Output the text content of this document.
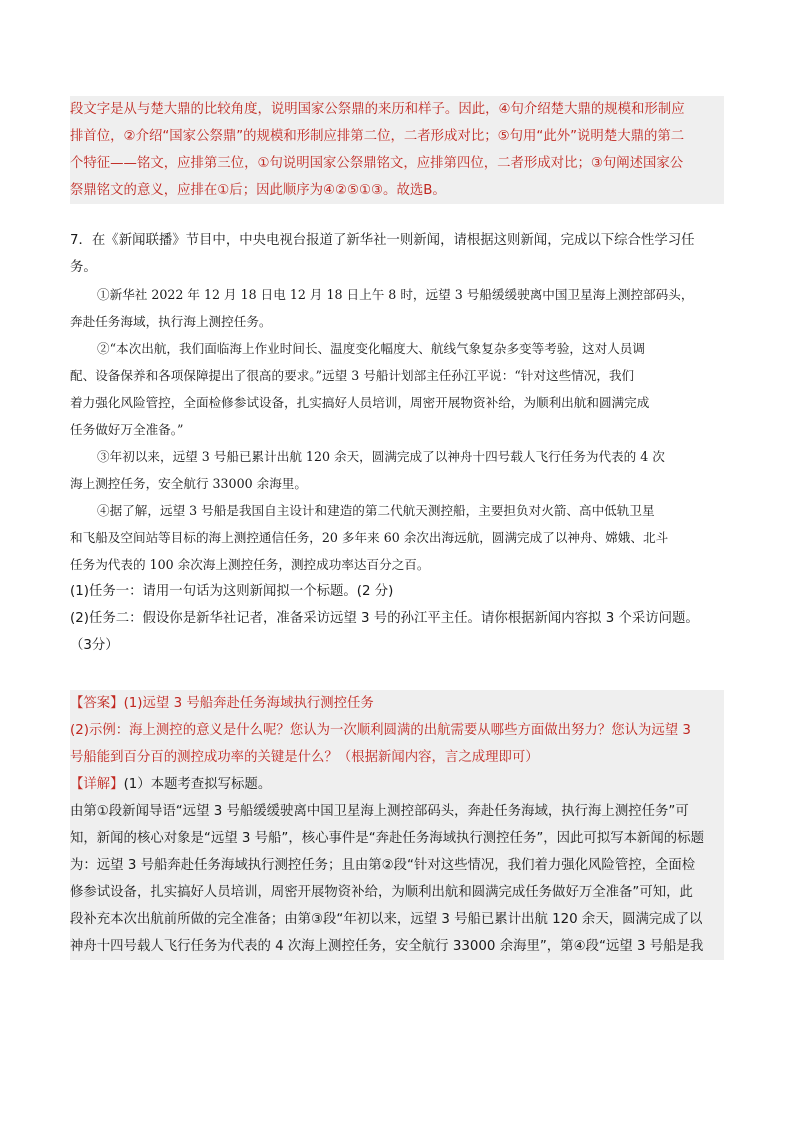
段文字是从与楚大鼎的比较角度，说明国家公祭鼎的来历和样子。因此，④句介绍楚大鼎的规模和形制应

排首位，②介绍“国家公祭鼎”的规模和形制应排第二位，二者形成对比；⑤句用“此外”说明楚大鼎的第二

个特征——铭文，应排第三位，①句说明国家公祭鼎铭文，应排第四位，二者形成对比；③句阐述国家公

祭鼎铭文的意义，应排在①后；因此顺序为④②⑤①③。故选B。

7．在《新闻联播》节目中，中央电视台报道了新华社一则新闻，请根据这则新闻，完成以下综合性学习任

务。

①新华社 2022 年 12 月 18 日电 12 月 18 日上午 8 时，远望 3 号船缓缓驶离中国卫星海上测控部码头，

奔赴任务海域，执行海上测控任务。

②“本次出航，我们面临海上作业时间长、温度变化幅度大、航线气象复杂多变等考验，这对人员调

配、设备保养和各项保障提出了很高的要求。”远望 3 号船计划部主任孙江平说：“针对这些情况，我们

着力强化风险管控，全面检修参试设备，扎实搞好人员培训，周密开展物资补给，为顺利出航和圆满完成

任务做好万全准备。”

③年初以来，远望 3 号船已累计出航 120 余天，圆满完成了以神舟十四号载人飞行任务为代表的 4 次

海上测控任务，安全航行 33000 余海里。

④据了解，远望 3 号船是我国自主设计和建造的第二代航天测控船，主要担负对火箭、高中低轨卫星

和飞船及空间站等目标的海上测控通信任务，20 多年来 60 余次出海远航，圆满完成了以神舟、嫦娥、北斗

任务为代表的 100 余次海上测控任务，测控成功率达百分之百。

(1)任务一：请用一句话为这则新闻拟一个标题。(2 分)

(2)任务二：假设你是新华社记者，准备采访远望 3 号的孙江平主任。请你根据新闻内容拟 3 个采访问题。

（3分）

【答案】(1)远望 3 号船奔赴任务海域执行测控任务

(2)示例：海上测控的意义是什么呢？您认为一次顺利圆满的出航需要从哪些方面做出努力？您认为远望 3

号船能到百分百的测控成功率的关键是什么？（根据新闻内容，言之成理即可）

【详解】(1）本题考查拟写标题。

由第①段新闻导语“远望 3 号船缓缓驶离中国卫星海上测控部码头，奔赴任务海域，执行海上测控任务”可

知，新闻的核心对象是“远望 3 号船”，核心事件是“奔赴任务海域执行测控任务”，因此可拟写本新闻的标题

为：远望 3 号船奔赴任务海域执行测控任务；且由第②段“针对这些情况，我们着力强化风险管控，全面检

修参试设备，扎实搞好人员培训，周密开展物资补给，为顺利出航和圆满完成任务做好万全准备”可知，此

段补充本次出航前所做的完全准备；由第③段“年初以来，远望 3 号船已累计出航 120 余天，圆满完成了以

神舟十四号载人飞行任务为代表的 4 次海上测控任务，安全航行 33000 余海里”，第④段“远望 3 号船是我
